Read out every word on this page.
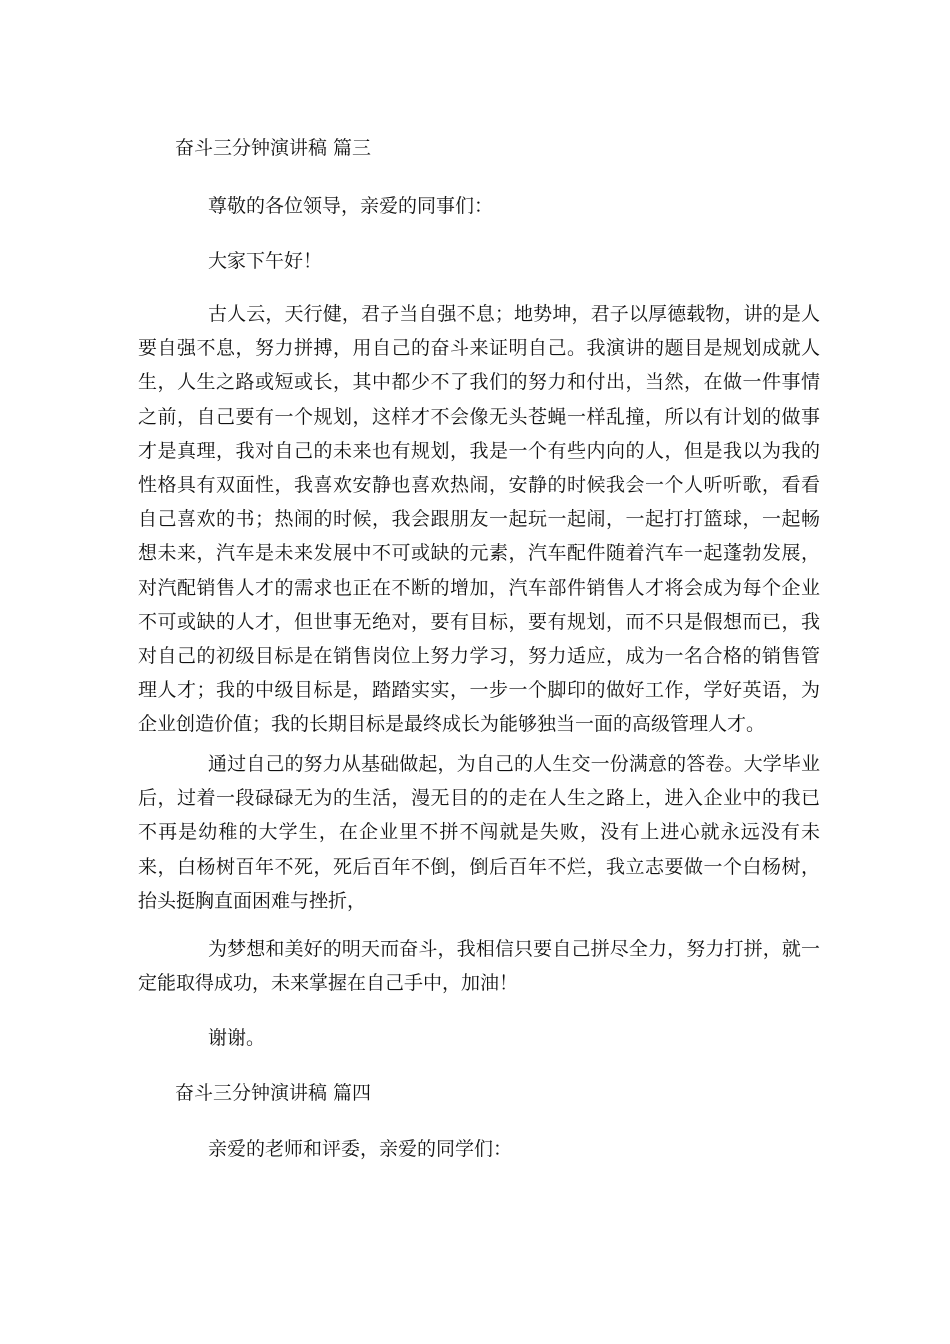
奋斗三分钟演讲稿 篇三
尊敬的各位领导，亲爱的同事们：
大家下午好！

古人云，天行健，君子当自强不息；地势坤，君子以厚德载物，讲的是人要自强不息，努力拼搏，用自己的奋斗来证明自己。我演讲的题目是规划成就人生，人生之路或短或长，其中都少不了我们的努力和付出，当然，在做一件事情之前，自己要有一个规划，这样才不会像无头苍蝇一样乱撞，所以有计划的做事才是真理，我对自己的未来也有规划，我是一个有些内向的人，但是我以为我的性格具有双面性，我喜欢安静也喜欢热闹，安静的时候我会一个人听听歌，看看自己喜欢的书；热闹的时候，我会跟朋友一起玩一起闹，一起打打篮球，一起畅想未来，汽车是未来发展中不可或缺的元素，汽车配件随着汽车一起蓬勃发展，对汽配销售人才的需求也正在不断的增加，汽车部件销售人才将会成为每个企业不可或缺的人才，但世事无绝对，要有目标，要有规划，而不只是假想而已，我对自己的初级目标是在销售岗位上努力学习，努力适应，成为一名合格的销售管理人才；我的中级目标是，踏踏实实，一步一个脚印的做好工作，学好英语，为企业创造价值；我的长期目标是最终成长为能够独当一面的高级管理人才。

通过自己的努力从基础做起，为自己的人生交一份满意的答卷。大学毕业后，过着一段碌碌无为的生活，漫无目的的走在人生之路上，进入企业中的我已不再是幼稚的大学生，在企业里不拼不闯就是失败，没有上进心就永远没有未来，白杨树百年不死，死后百年不倒，倒后百年不烂，我立志要做一个白杨树，抬头挺胸直面困难与挫折，

为梦想和美好的明天而奋斗，我相信只要自己拼尽全力，努力打拼，就一定能取得成功，未来掌握在自己手中，加油！

谢谢。
奋斗三分钟演讲稿 篇四
亲爱的老师和评委，亲爱的同学们：
